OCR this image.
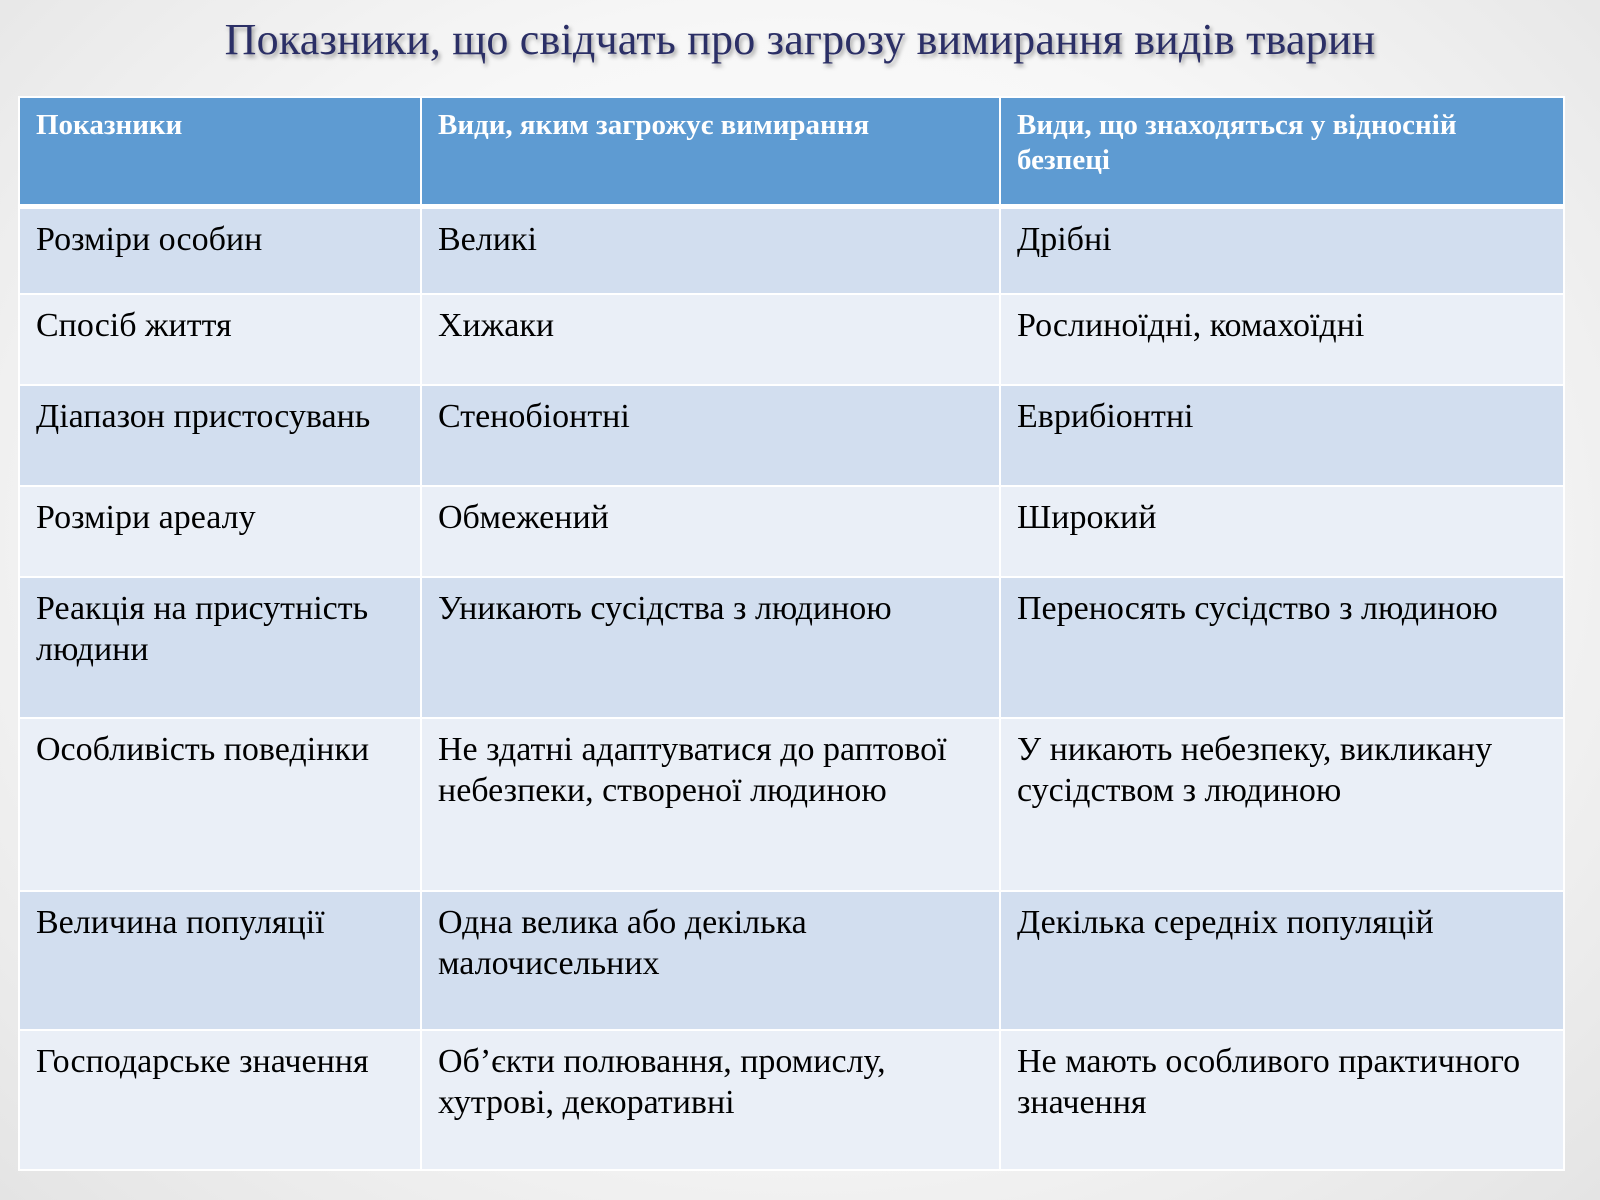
Показники, що свідчать про загрозу вимирання видів тварин
Показники	Види, яким загрожує вимирання	Види, що знаходяться у відносній безпеці
Розміри особин	Великі	Дрібні
Спосіб життя	Хижаки	Рослиноїдні, комахоїдні
Діапазон пристосувань	Стенобіонтні	Еврибіонтні
Розміри ареалу	Обмежений	Широкий
Реакція на присутність людини	Уникають сусідства з людиною	Переносять сусідство з людиною
Особливість поведінки	Не здатні адаптуватися до раптової небезпеки, створеної людиною	У никають небезпеку, викликану сусідством з людиною
Величина популяції	Одна велика або декілька малочисельних	Декілька середніх популяцій
Господарське значення	Об’єкти полювання, промислу, хутрові, декоративні	Не мають особливого практичного значення
